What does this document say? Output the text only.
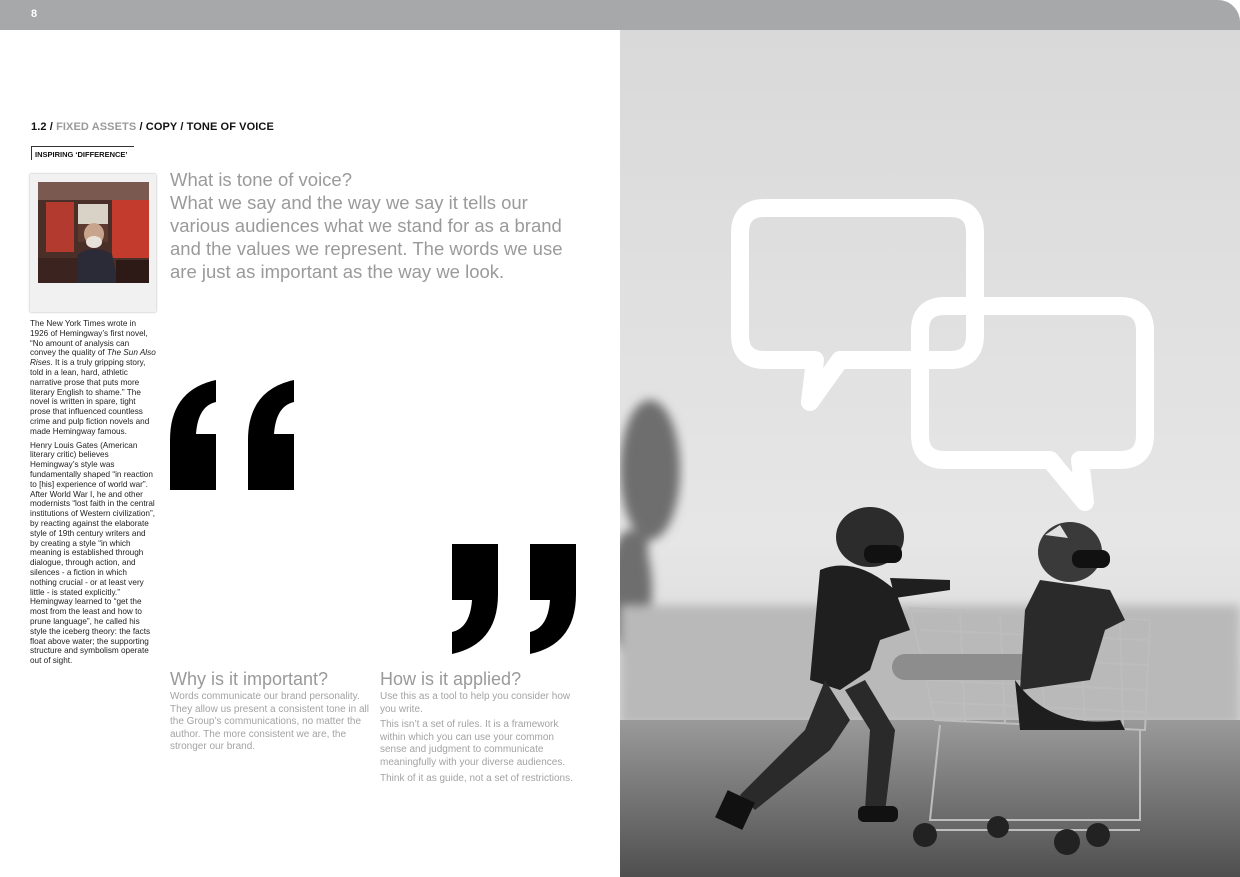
8
1.2 / FIXED ASSETS / COPY / TONE OF VOICE
INSPIRING ‘DIFFERENCE’

The New York Times wrote in 1926 of Hemingway’s first novel, “No amount of analysis can convey the quality of The Sun Also Rises. It is a truly gripping story, told in a lean, hard, athletic narrative prose that puts more literary English to shame.” The novel is written in spare, tight prose that influenced countless crime and pulp fiction novels and made Hemingway famous.

Henry Louis Gates (American literary critic) believes Hemingway’s style was fundamentally shaped “in reaction to [his] experience of world war”. After World War I, he and other modernists “lost faith in the central institutions of Western civilization”, by reacting against the elaborate style of 19th century writers and by creating a style “in which meaning is established through dialogue, through action, and silences - a fiction in which nothing crucial - or at least very little - is stated explicitly.” Hemingway learned to “get the most from the least and how to prune language”, he called his style the iceberg theory: the facts float above water; the supporting structure and symbolism operate out of sight.

What is tone of voice?
What we say and the way we say it tells our
various audiences what we stand for as a brand
and the values we represent. The words we use
are just as important as the way we look.
Why is it important?

Words communicate our brand personality. They allow us present a consistent tone in all the Group’s communications, no matter the author. The more consistent we are, the stronger our brand.

How is it applied?

Use this as a tool to help you consider how you write.

This isn’t a set of rules. It is a framework within which you can use your common sense and judgment to communicate meaningfully with your diverse audiences.

Think of it as guide, not a set of restrictions.
